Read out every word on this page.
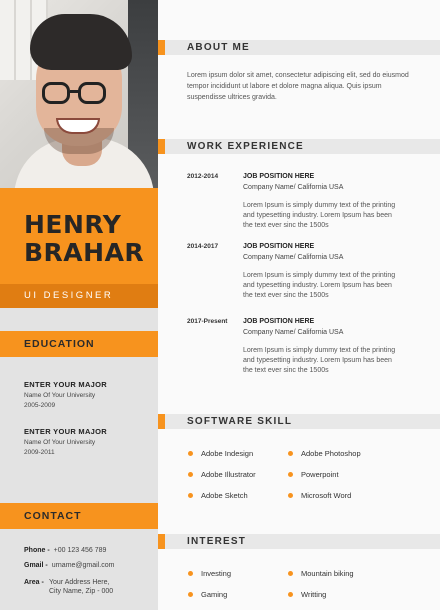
HENRY
BRAHAR
UI DESIGNER
EDUCATION
ENTER YOUR MAJOR
Name Of Your University
2005-2009
ENTER YOUR MAJOR
Name Of Your University
2009-2011
CONTACT
Phone - +00 123 456 789
Gmail - urname@gmail.com
Area - Your Address Here,
City Name, Zip - 000
ABOUT ME
Lorem ipsum dolor sit amet, consectetur adipiscing elit, sed do eiusmod tempor incididunt ut labore et dolore magna aliqua. Quis ipsum suspendisse ultrices gravida.
WORK EXPERIENCE
2012-2014	JOB POSITION HERE
Company Name/ California USA
Lorem Ipsum is simply dummy text of the printing and typesetting industry. Lorem Ipsum has been the text ever sinc the 1500s
2014-2017	JOB POSITION HERE
Company Name/ California USA
Lorem Ipsum is simply dummy text of the printing and typesetting industry. Lorem Ipsum has been the text ever sinc the 1500s
2017-Present JOB POSITION HERE
Company Name/ California USA
Lorem Ipsum is simply dummy text of the printing and typesetting industry. Lorem Ipsum has been the text ever sinc the 1500s
SOFTWARE SKILL
Adobe Indesign	Adobe Photoshop
Adobe Illustrator	Powerpoint
Adobe Sketch	Microsoft Word
INTEREST
Investing	Mountain biking
Gaming	Writting
